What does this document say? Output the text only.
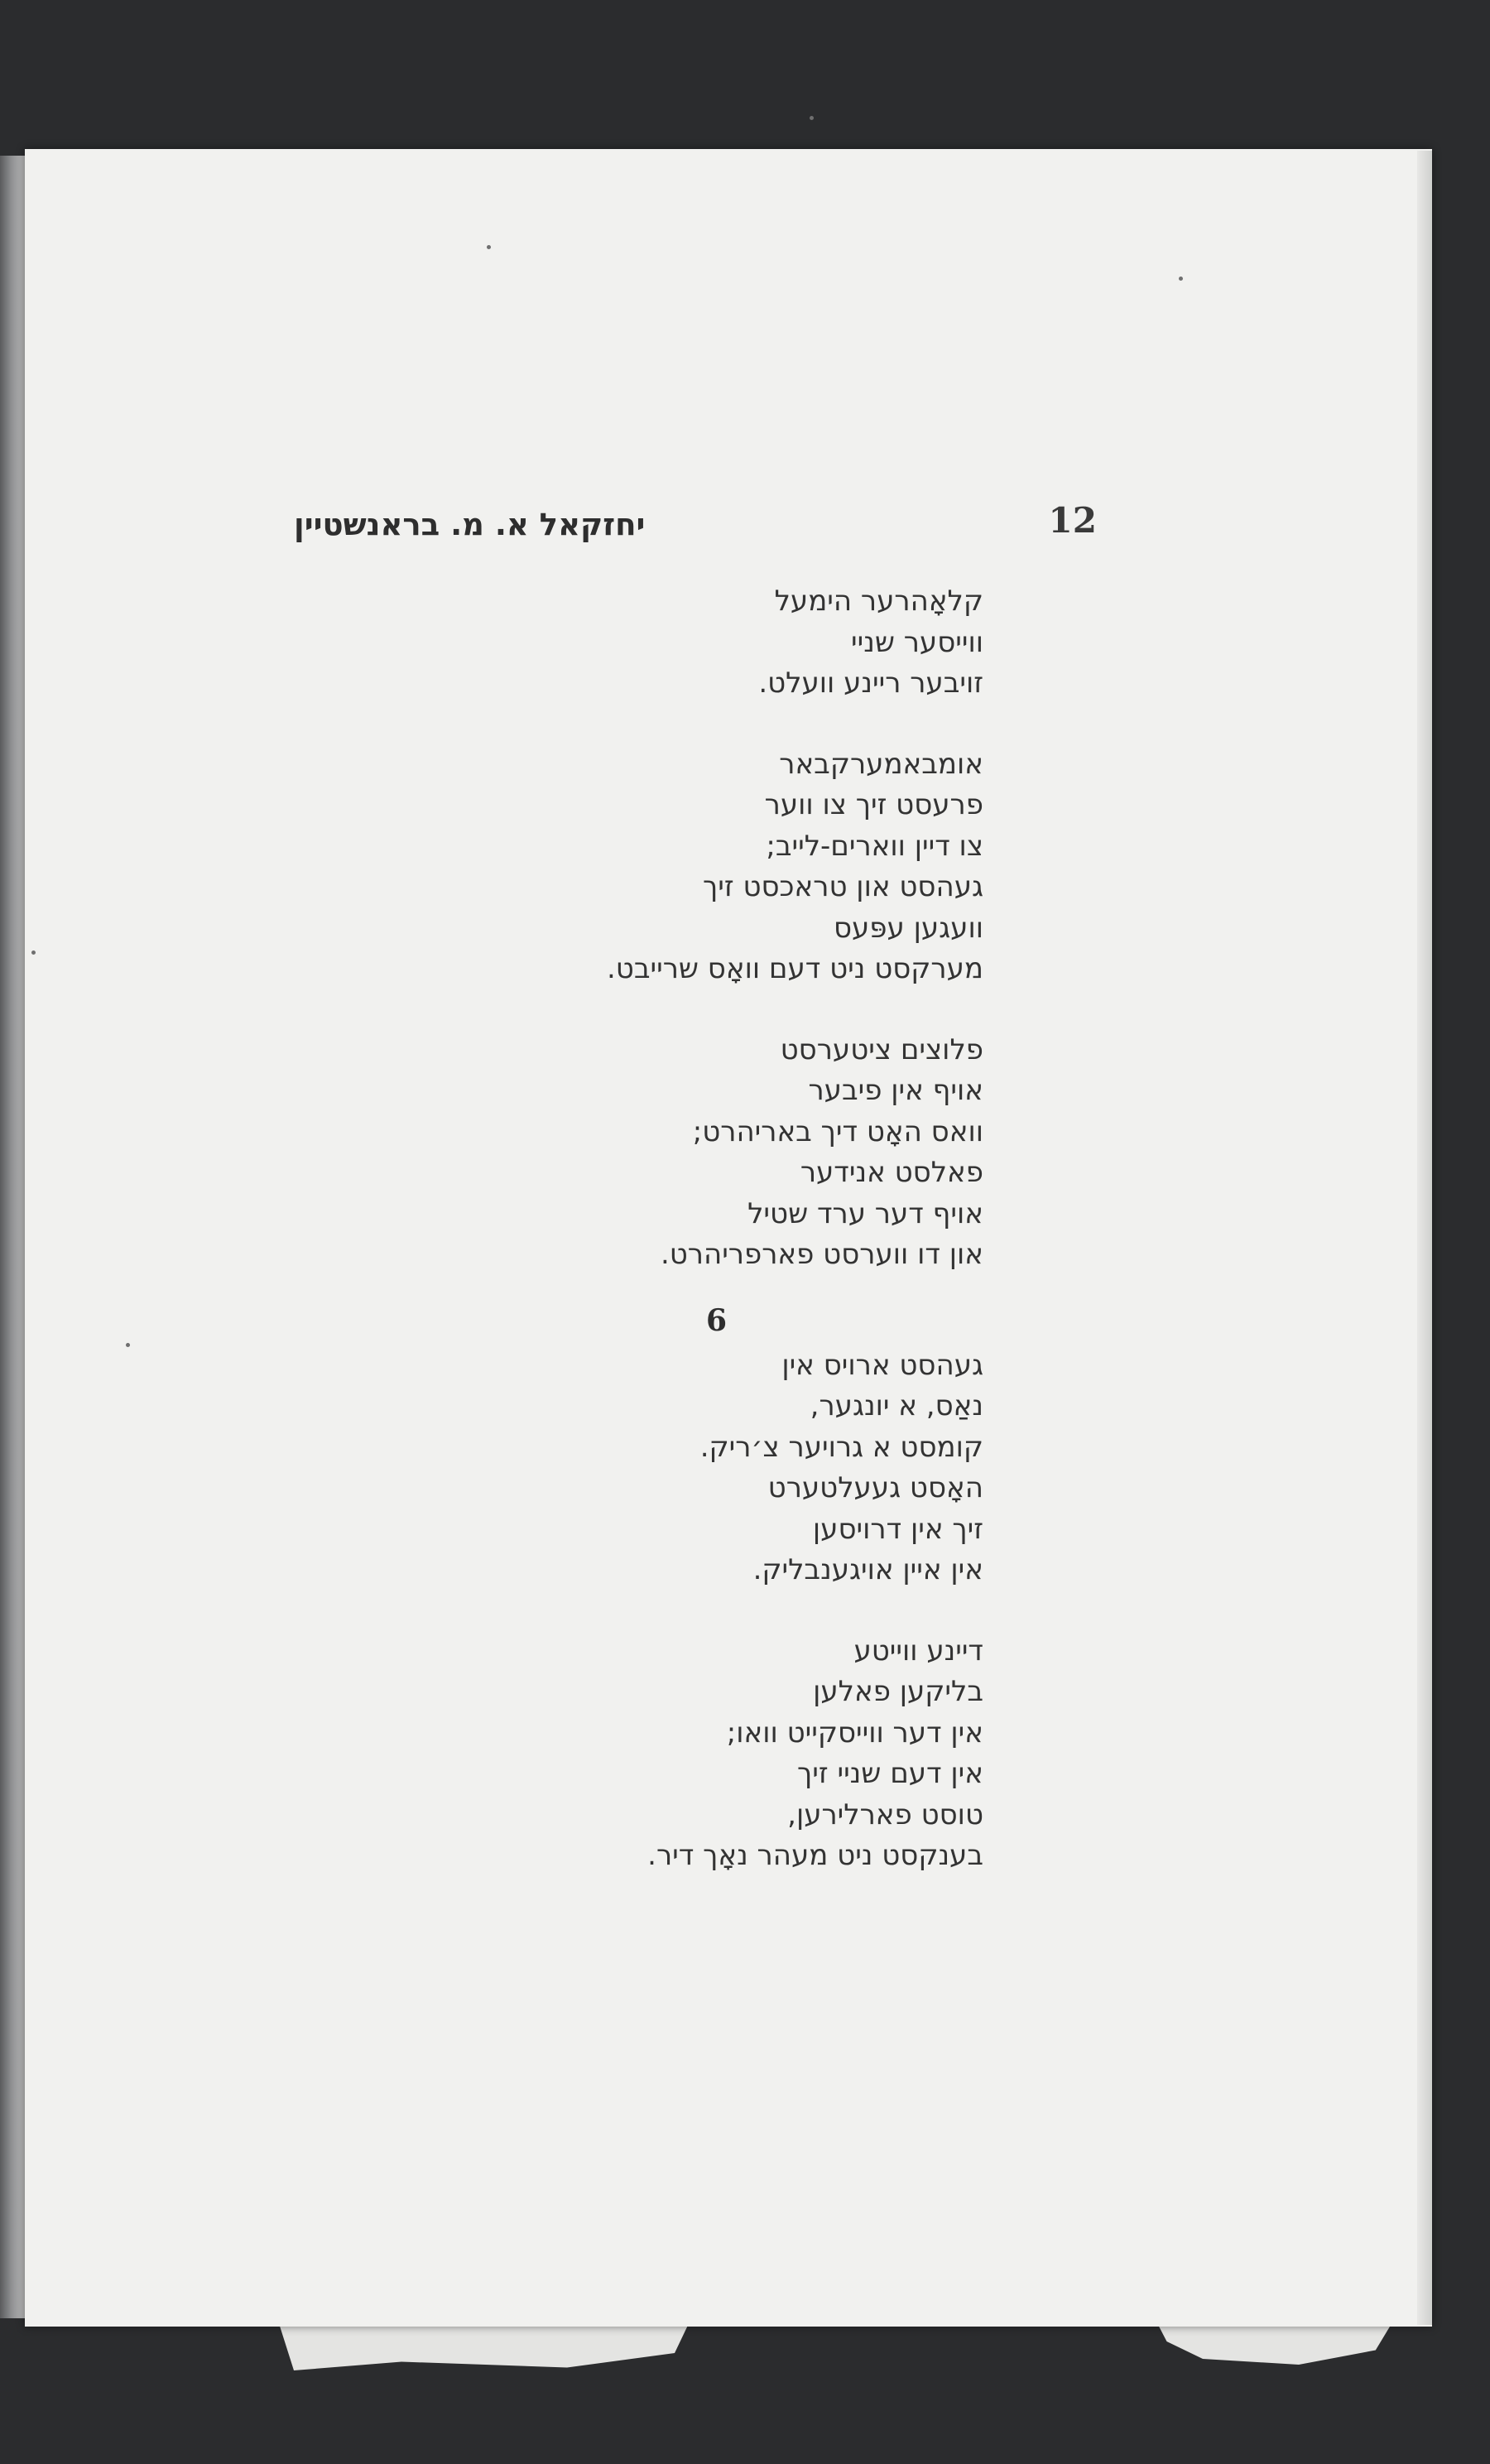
יחזקאל א. מ. בראנשטיין	12
קלאָהרער הימעל
ווייסער שניי
זויבער ריינע וועלט.
אומבאמערקבאר
פרעסט זיך צו ווער
צו דיין ווארים-לייב;
געהסט און טראכסט זיך
וועגען עפּעס
מערקסט ניט דעם וואָס שרייבט.
פלוצים ציטערסט
אויף אין פיבער
וואס האָט דיך באריהרט;
פאלסט אנידער
אויף דער ערד שטיל
און דו ווערסט פארפריהרט.
6
געהסט ארויס אין
נאַס, א יונגער,
קומסט א גרויער צ׳ריק.
האָסט געעלטערט
זיך אין דרויסען
אין איין אויגענבליק.
דיינע ווייטע
בליקען פאלען
אין דער ווייסקייט וואו;
אין דעם שניי זיך
טוסט פארלירען,
בענקסט ניט מעהר נאָך דיר.
